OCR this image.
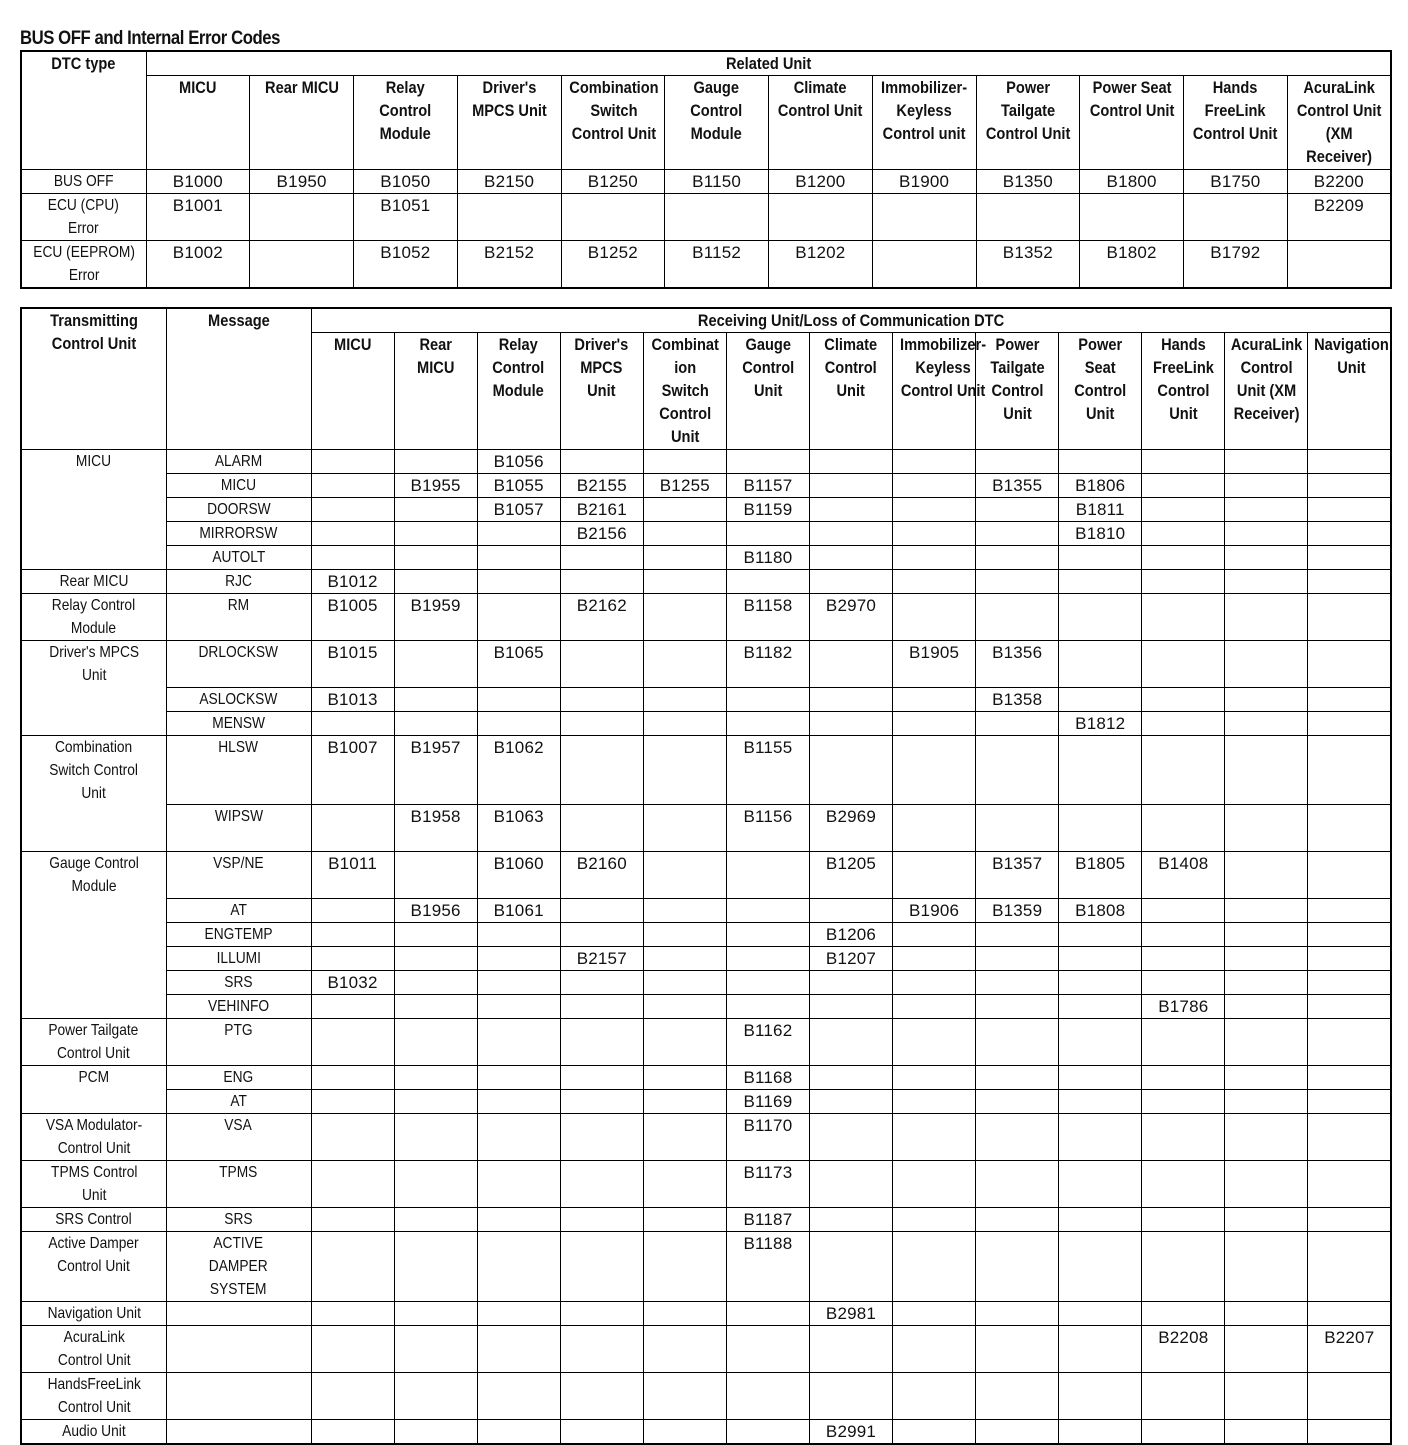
BUS OFF and Internal Error Codes
DTC type	Related Unit											
	MICU	Rear MICU	Relay
Control
Module	Driver's
MPCS Unit	Combination
Switch
Control Unit	Gauge
Control
Module	Climate
Control Unit	Immobilizer-
Keyless
Control unit	Power
Tailgate
Control Unit	Power Seat
Control Unit	Hands
FreeLink
Control Unit	AcuraLink
Control Unit
(XM
Receiver)
BUS OFF	B1000	B1950	B1050	B2150	B1250	B1150	B1200	B1900	B1350	B1800	B1750	B2200
ECU (CPU)
Error	B1001		B1051									B2209
ECU (EEPROM)
Error	B1002		B1052	B2152	B1252	B1152	B1202		B1352	B1802	B1792	
Transmitting
Control Unit	Message	Receiving Unit/Loss of Communication DTC												
		MICU	Rear
MICU	Relay
Control
Module	Driver's
MPCS
Unit	Combinat
ion
Switch
Control
Unit	Gauge
Control
Unit	Climate
Control
Unit	Immobilizer-
Keyless
Control Unit	Power
Tailgate
Control
Unit	Power
Seat
Control
Unit	Hands
FreeLink
Control
Unit	AcuraLink
Control
Unit (XM
Receiver)	Navigation
Unit
MICU	ALARM			B1056										
	MICU		B1955	B1055	B2155	B1255	B1157			B1355	B1806			
	DOORSW			B1057	B2161		B1159				B1811			
	MIRRORSW				B2156						B1810			
	AUTOLT						B1180							
Rear MICU	RJC	B1012												
Relay Control
Module	RM	B1005	B1959		B2162		B1158	B2970						
Driver's MPCS
Unit	DRLOCKSW	B1015		B1065			B1182		B1905	B1356				
	ASLOCKSW	B1013								B1358				
	MENSW										B1812			
Combination
Switch Control
Unit	HLSW	B1007	B1957	B1062			B1155							
	WIPSW		B1958	B1063			B1156	B2969						
Gauge Control
Module	VSP/NE	B1011		B1060	B2160			B1205		B1357	B1805	B1408		
	AT		B1956	B1061					B1906	B1359	B1808			
	ENGTEMP							B1206						
	ILLUMI				B2157			B1207						
	SRS	B1032												
	VEHINFO											B1786		
Power Tailgate
Control Unit	PTG						B1162							
PCM	ENG						B1168							
	AT						B1169							
VSA Modulator-
Control Unit	VSA						B1170							
TPMS Control
Unit	TPMS						B1173							
SRS Control	SRS						B1187							
Active Damper
Control Unit	ACTIVE
DAMPER
SYSTEM						B1188							
Navigation Unit								B2981						
AcuraLink
Control Unit												B2208		B2207
HandsFreeLink
Control Unit														
Audio Unit								B2991						
